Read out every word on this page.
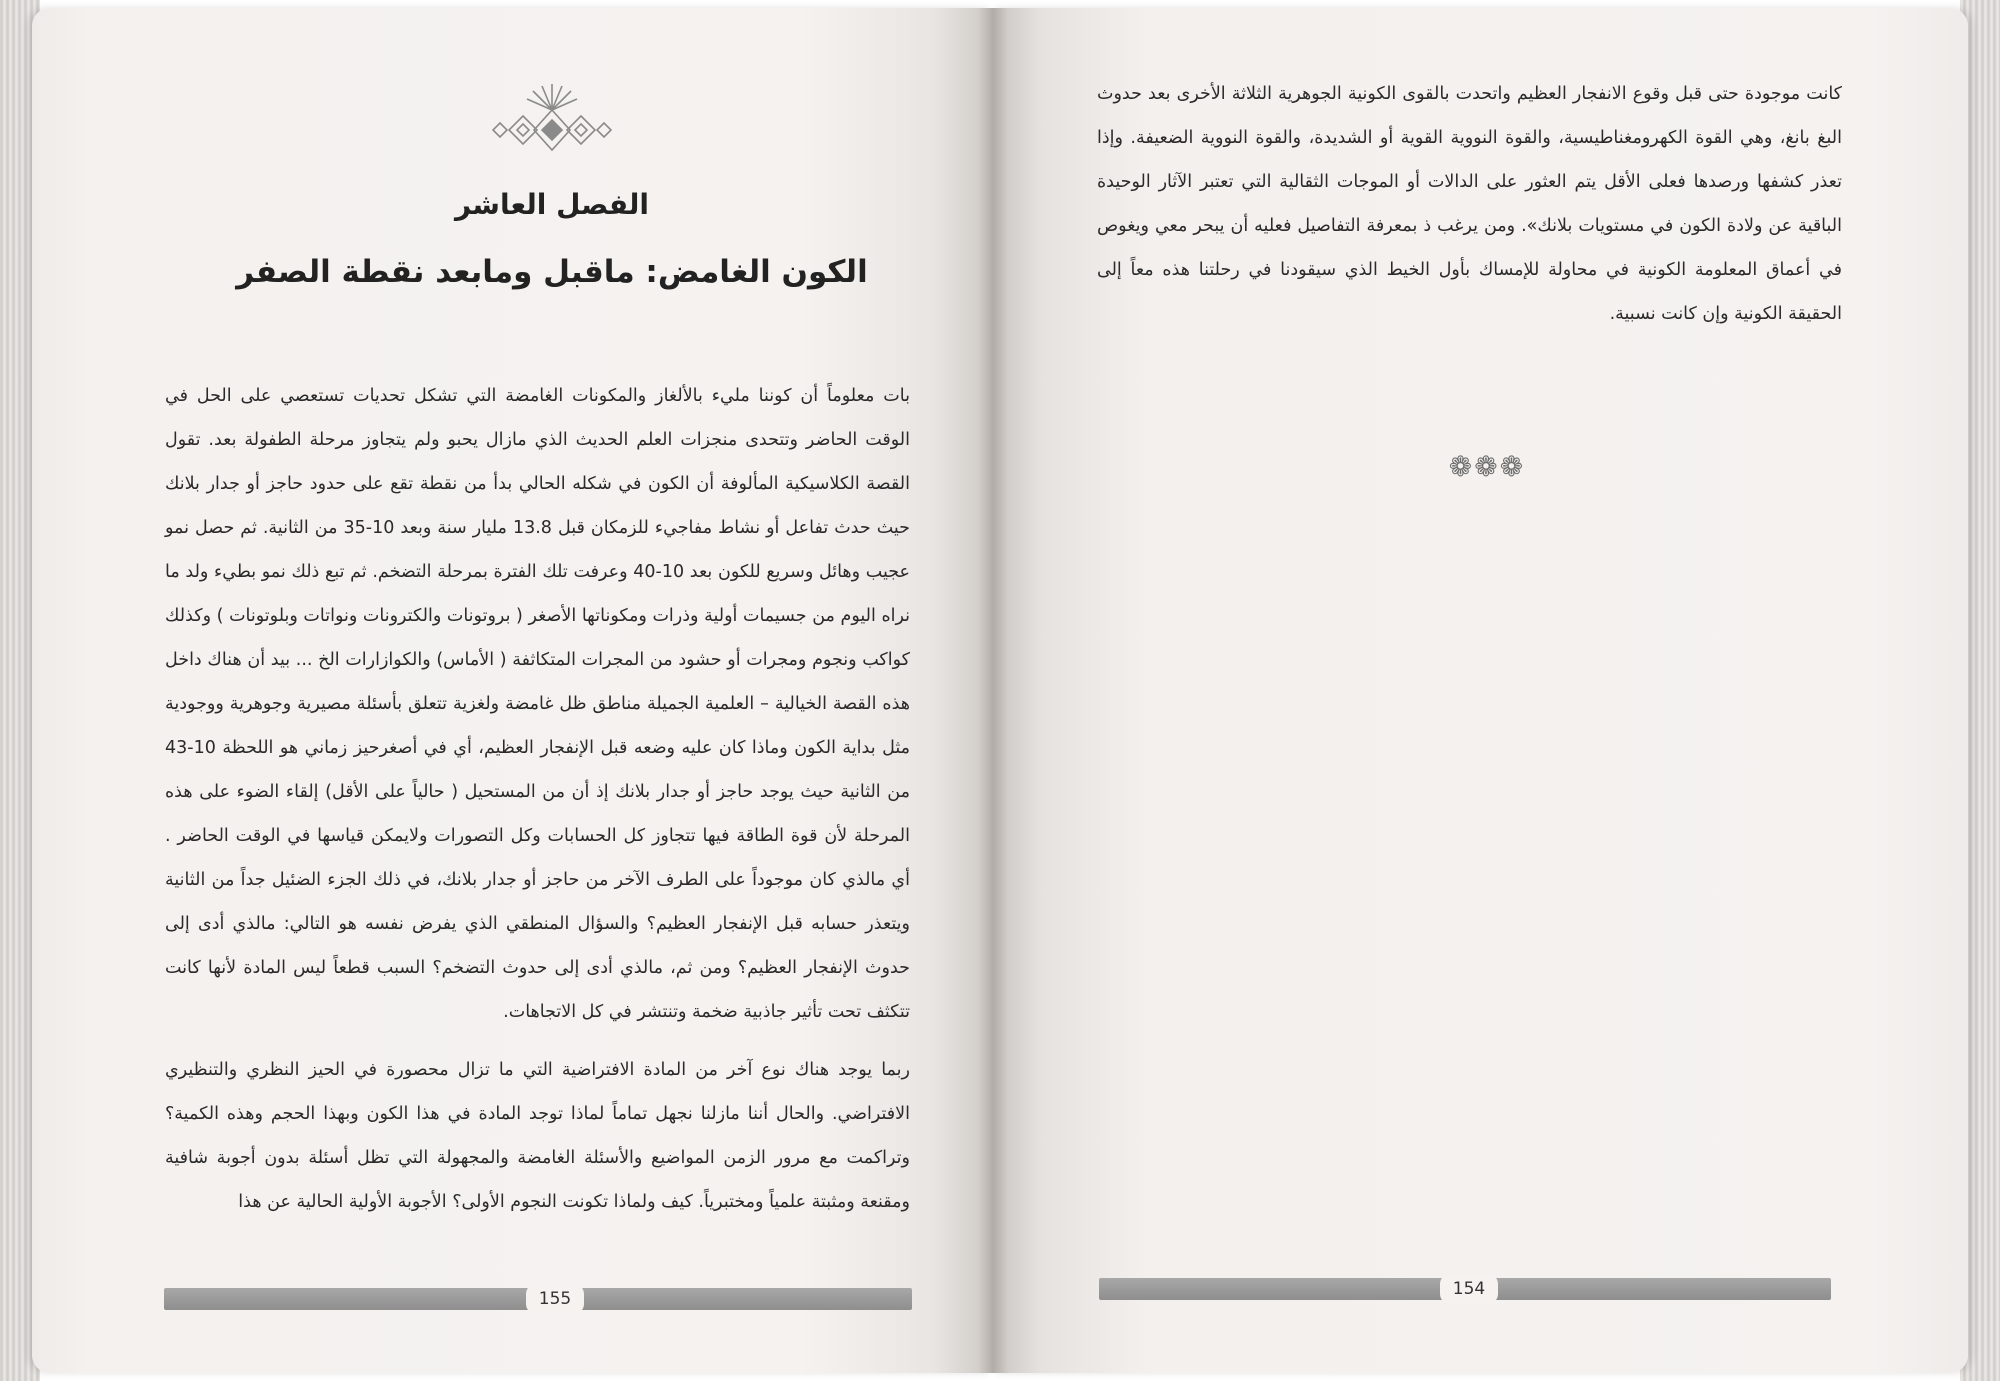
الفصل العاشر
الكون الغامض: ماقبل ومابعد نقطة الصفر

بات معلوماً أن كوننا مليء بالألغاز والمكونات الغامضة التي تشكل تحديات تستعصي على الحل في الوقت الحاضر وتتحدى منجزات العلم الحديث الذي مازال يحبو ولم يتجاوز مرحلة الطفولة بعد. تقول القصة الكلاسيكية المألوفة أن الكون في شكله الحالي بدأ من نقطة تقع على حدود حاجز أو جدار بلانك حيث حدث تفاعل أو نشاط مفاجيء للزمكان قبل 13.8 مليار سنة وبعد 10-35 من الثانية. ثم حصل نمو عجيب وهائل وسريع للكون بعد 10-40 وعرفت تلك الفترة بمرحلة التضخم. ثم تبع ذلك نمو بطيء ولد ما نراه اليوم من جسيمات أولية وذرات ومكوناتها الأصغر ( بروتونات والكترونات ونواتات وبلوتونات ) وكذلك كواكب ونجوم ومجرات أو حشود من المجرات المتكاثفة ( الأماس) والكوازارات الخ ... بيد أن هناك داخل هذه القصة الخيالية – العلمية الجميلة مناطق ظل غامضة ولغزية تتعلق بأسئلة مصيرية وجوهرية ووجودية مثل بداية الكون وماذا كان عليه وضعه قبل الإنفجار العظيم، أي في أصغرحيز زماني هو اللحظة 10-43 من الثانية حيث يوجد حاجز أو جدار بلانك إذ أن من المستحيل ( حالياً على الأقل) إلقاء الضوء على هذه المرحلة لأن قوة الطاقة فيها تتجاوز كل الحسابات وكل التصورات ولايمكن قياسها في الوقت الحاضر . أي مالذي كان موجوداً على الطرف الآخر من حاجز أو جدار بلانك، في ذلك الجزء الضئيل جداً من الثانية ويتعذر حسابه قبل الإنفجار العظيم؟ والسؤال المنطقي الذي يفرض نفسه هو التالي: مالذي أدى إلى حدوث الإنفجار العظيم؟ ومن ثم، مالذي أدى إلى حدوث التضخم؟ السبب قطعاً ليس المادة لأنها كانت تتكثف تحت تأثير جاذبية ضخمة وتنتشر في كل الاتجاهات.

ربما يوجد هناك نوع آخر من المادة الافتراضية التي ما تزال محصورة في الحيز النظري والتنظيري الافتراضي. والحال أننا مازلنا نجهل تماماً لماذا توجد المادة في هذا الكون وبهذا الحجم وهذه الكمية؟ وتراكمت مع مرور الزمن المواضيع والأسئلة الغامضة والمجهولة التي تظل أسئلة بدون أجوبة شافية ومقنعة ومثبتة علمياً ومختبرياً. كيف ولماذا تكونت النجوم الأولى؟ الأجوبة الأولية الحالية عن هذا

155

كانت موجودة حتى قبل وقوع الانفجار العظيم واتحدت بالقوى الكونية الجوهرية الثلاثة الأخرى بعد حدوث البغ بانغ، وهي القوة الكهرومغناطيسية، والقوة النووية القوية أو الشديدة، والقوة النووية الضعيفة. وإذا تعذر كشفها ورصدها فعلى الأقل يتم العثور على الدالات أو الموجات الثقالية التي تعتبر الآثار الوحيدة الباقية عن ولادة الكون في مستويات بلانك». ومن يرغب ذ بمعرفة التفاصيل فعليه أن يبحر معي ويغوص في أعماق المعلومة الكونية في محاولة للإمساك بأول الخيط الذي سيقودنا في رحلتنا هذه معاً إلى الحقيقة الكونية وإن كانت نسبية.

❁❁❁
154
